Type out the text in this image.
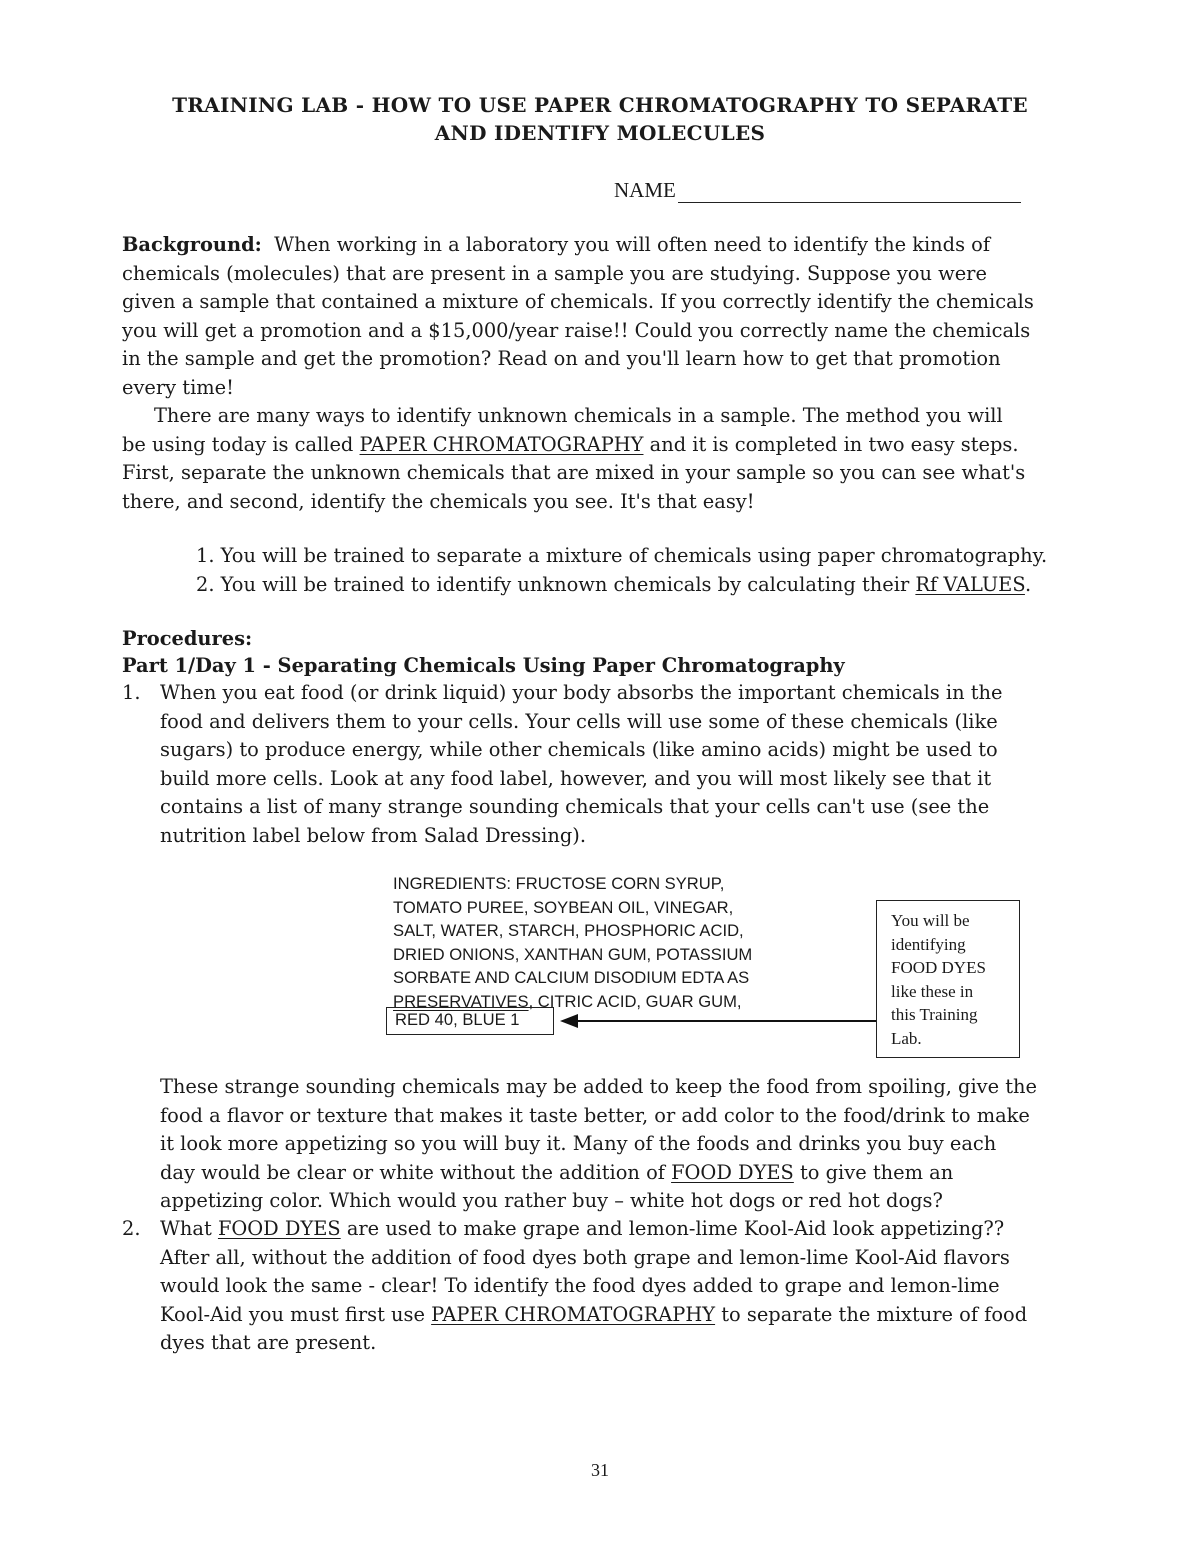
TRAINING LAB - HOW TO USE PAPER CHROMATOGRAPHY TO SEPARATE
AND IDENTIFY MOLECULES
NAME
Background: When working in a laboratory you will often need to identify the kinds of
chemicals (molecules) that are present in a sample you are studying. Suppose you were
given a sample that contained a mixture of chemicals. If you correctly identify the chemicals
you will get a promotion and a $15,000/year raise!! Could you correctly name the chemicals
in the sample and get the promotion? Read on and you'll learn how to get that promotion
every time!
There are many ways to identify unknown chemicals in a sample. The method you will
be using today is called PAPER CHROMATOGRAPHY and it is completed in two easy steps.
First, separate the unknown chemicals that are mixed in your sample so you can see what's
there, and second, identify the chemicals you see. It's that easy!
1. You will be trained to separate a mixture of chemicals using paper chromatography.
2. You will be trained to identify unknown chemicals by calculating their Rf VALUES.
Procedures:
Part 1/Day 1 - Separating Chemicals Using Paper Chromatography
1. When you eat food (or drink liquid) your body absorbs the important chemicals in the
food and delivers them to your cells. Your cells will use some of these chemicals (like
sugars) to produce energy, while other chemicals (like amino acids) might be used to
build more cells. Look at any food label, however, and you will most likely see that it
contains a list of many strange sounding chemicals that your cells can't use (see the
nutrition label below from Salad Dressing).
INGREDIENTS: FRUCTOSE CORN SYRUP,
TOMATO PUREE, SOYBEAN OIL, VINEGAR,
SALT, WATER, STARCH, PHOSPHORIC ACID,
DRIED ONIONS, XANTHAN GUM, POTASSIUM
SORBATE AND CALCIUM DISODIUM EDTA AS
PRESERVATIVES, CITRIC ACID, GUAR GUM,
RED 40, BLUE 1
You will be
identifying
FOOD DYES
like these in
this Training
Lab.
These strange sounding chemicals may be added to keep the food from spoiling, give the
food a flavor or texture that makes it taste better, or add color to the food/drink to make
it look more appetizing so you will buy it. Many of the foods and drinks you buy each
day would be clear or white without the addition of FOOD DYES to give them an
appetizing color. Which would you rather buy – white hot dogs or red hot dogs?
2. What FOOD DYES are used to make grape and lemon-lime Kool-Aid look appetizing??
After all, without the addition of food dyes both grape and lemon-lime Kool-Aid flavors
would look the same - clear! To identify the food dyes added to grape and lemon-lime
Kool-Aid you must first use PAPER CHROMATOGRAPHY to separate the mixture of food
dyes that are present.
31
